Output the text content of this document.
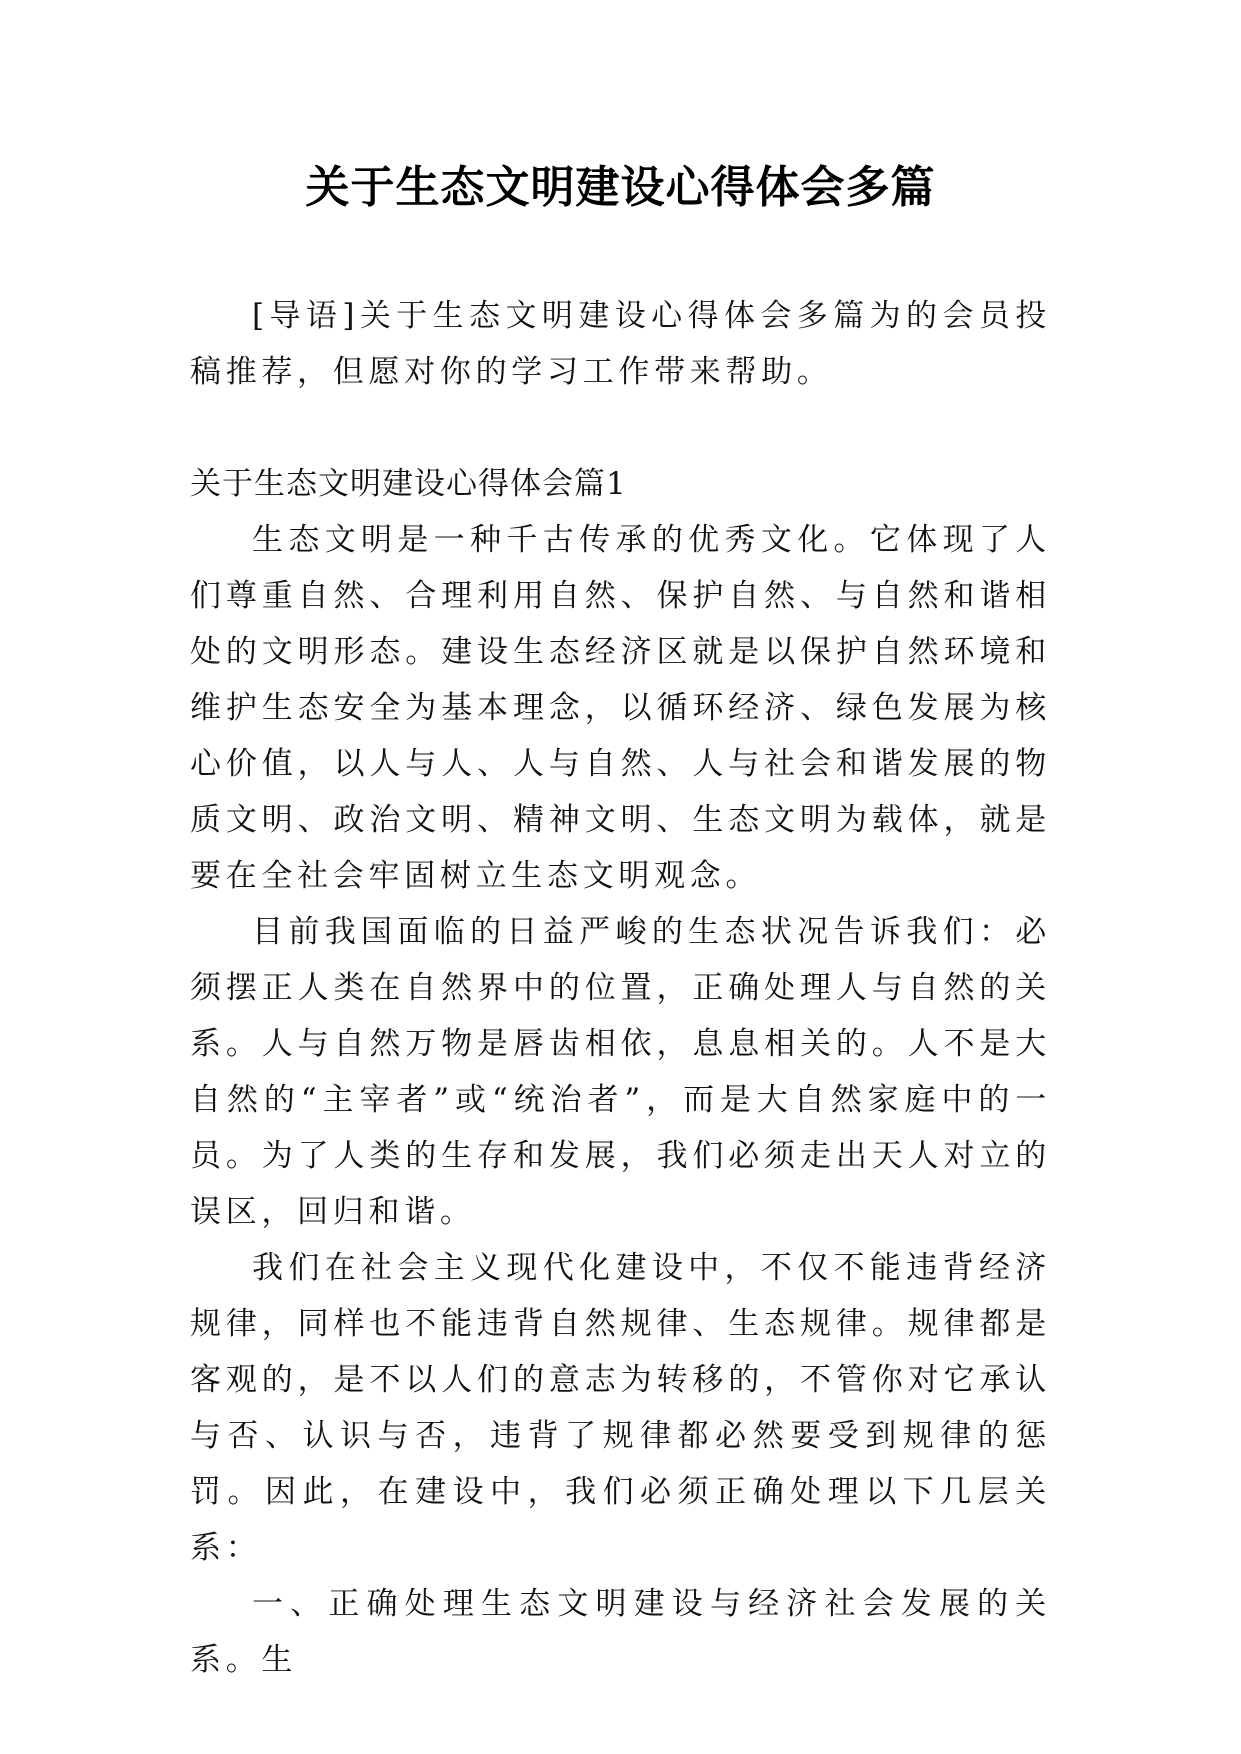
关于生态文明建设心得体会多篇

[导语]关于生态文明建设心得体会多篇为的会员投稿推荐，但愿对你的学习工作带来帮助。

关于生态文明建设心得体会篇1

生态文明是一种千古传承的优秀文化。它体现了人们尊重自然、合理利用自然、保护自然、与自然和谐相处的文明形态。建设生态经济区就是以保护自然环境和维护生态安全为基本理念，以循环经济、绿色发展为核心价值，以人与人、人与自然、人与社会和谐发展的物质文明、政治文明、精神文明、生态文明为载体，就是要在全社会牢固树立生态文明观念。

目前我国面临的日益严峻的生态状况告诉我们：必须摆正人类在自然界中的位置，正确处理人与自然的关系。人与自然万物是唇齿相依，息息相关的。人不是大自然的“主宰者”或“统治者”，而是大自然家庭中的一员。为了人类的生存和发展，我们必须走出天人对立的误区，回归和谐。

我们在社会主义现代化建设中，不仅不能违背经济规律，同样也不能违背自然规律、生态规律。规律都是客观的，是不以人们的意志为转移的，不管你对它承认与否、认识与否，违背了规律都必然要受到规律的惩罚。因此，在建设中，我们必须正确处理以下几层关系：

一、正确处理生态文明建设与经济社会发展的关系。生
